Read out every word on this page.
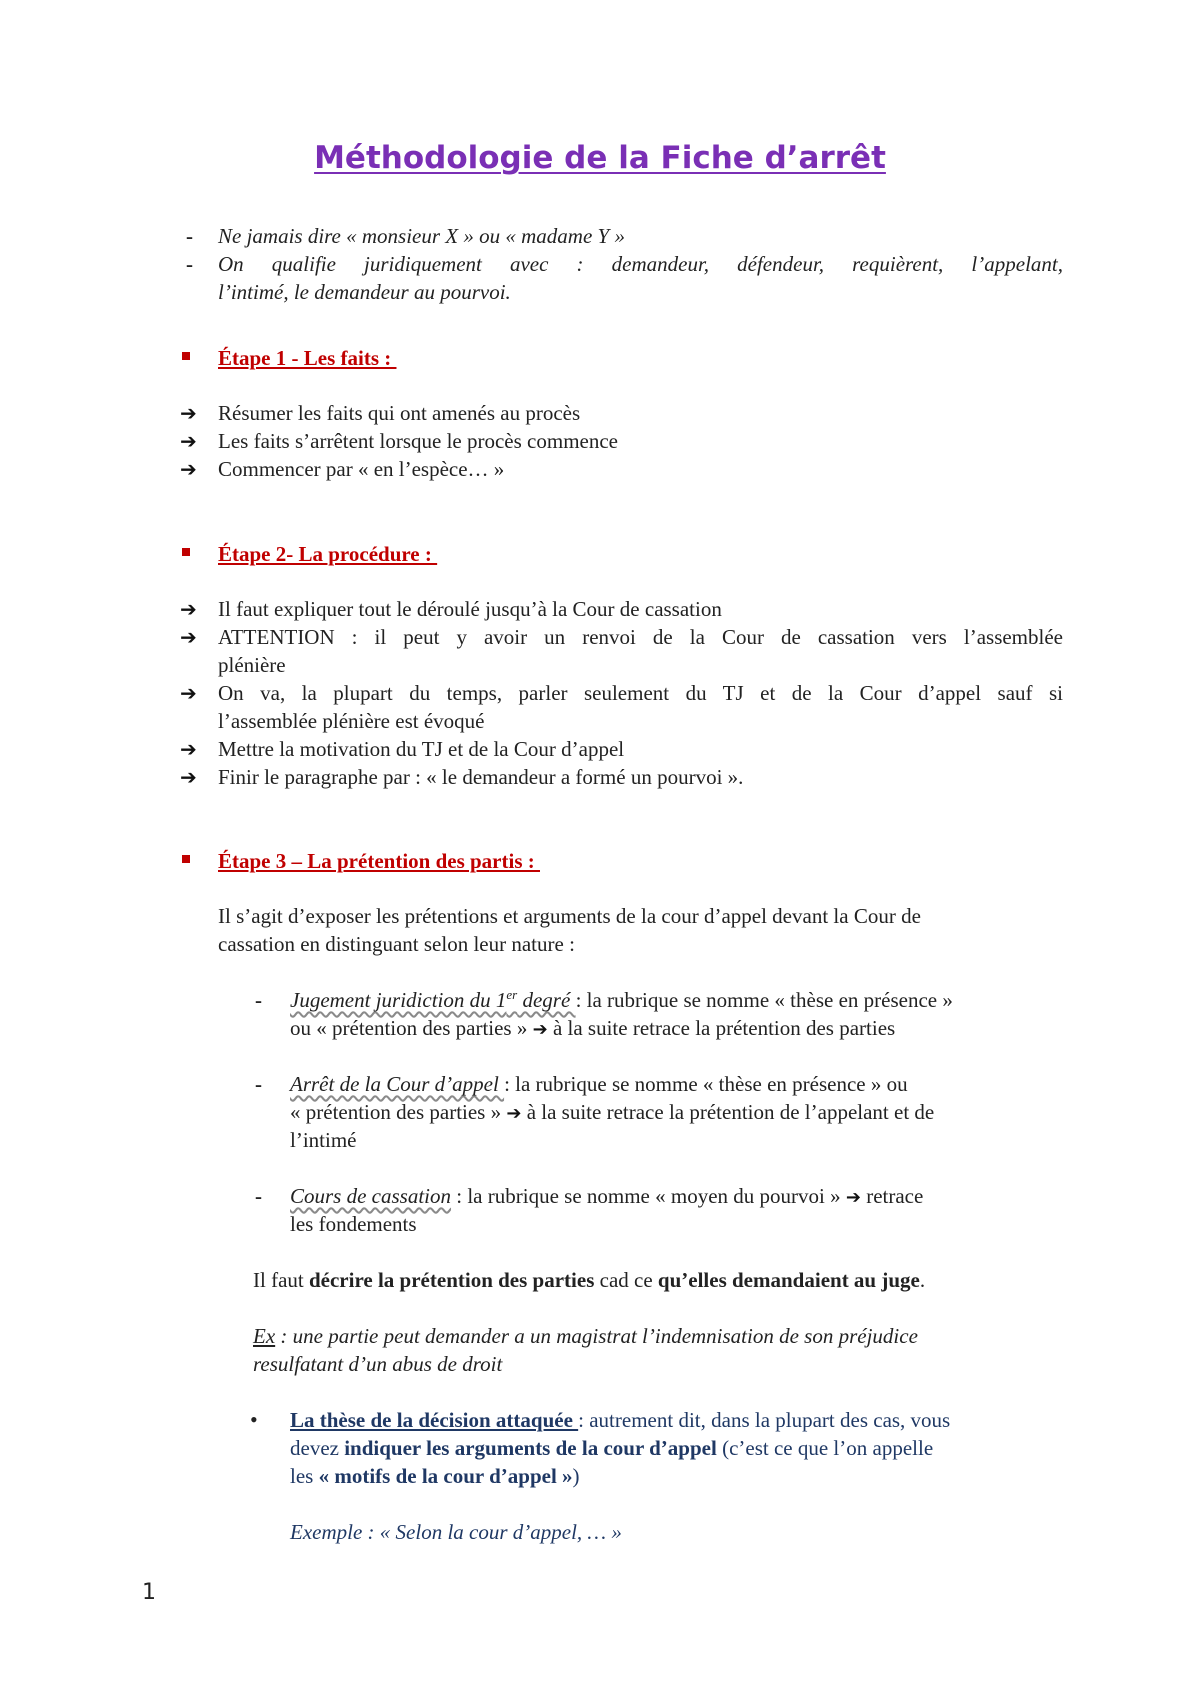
Méthodologie de la Fiche d’arrêt
- Ne jamais dire « monsieur X » ou « madame Y »
- On qualifie juridiquement avec : demandeur, défendeur, requièrent, l’appelant,
l’intimé, le demandeur au pourvoi.
Étape 1 - Les faits :
➔ Résumer les faits qui ont amenés au procès
➔ Les faits s’arrêtent lorsque le procès commence
➔ Commencer par « en l’espèce… »
Étape 2- La procédure :
➔ Il faut expliquer tout le déroulé jusqu’à la Cour de cassation
➔ ATTENTION : il peut y avoir un renvoi de la Cour de cassation vers l’assemblée
plénière
➔ On va, la plupart du temps, parler seulement du TJ et de la Cour d’appel sauf si
l’assemblée plénière est évoqué
➔ Mettre la motivation du TJ et de la Cour d’appel
➔ Finir le paragraphe par : « le demandeur a formé un pourvoi ».
Étape 3 – La prétention des partis :
Il s’agit d’exposer les prétentions et arguments de la cour d’appel devant la Cour de
cassation en distinguant selon leur nature :
- Jugement juridiction du 1er degré : la rubrique se nomme « thèse en présence »
ou « prétention des parties » ➔ à la suite retrace la prétention des parties
- Arrêt de la Cour d’appel : la rubrique se nomme « thèse en présence » ou
« prétention des parties » ➔ à la suite retrace la prétention de l’appelant et de
l’intimé
- Cours de cassation : la rubrique se nomme « moyen du pourvoi » ➔ retrace
les fondements
Il faut décrire la prétention des parties cad ce qu’elles demandaient au juge.
Ex : une partie peut demander a un magistrat l’indemnisation de son préjudice
resulfatant d’un abus de droit
• La thèse de la décision attaquée : autrement dit, dans la plupart des cas, vous
devez indiquer les arguments de la cour d’appel (c’est ce que l’on appelle
les « motifs de la cour d’appel »)
Exemple : « Selon la cour d’appel, … »
1
